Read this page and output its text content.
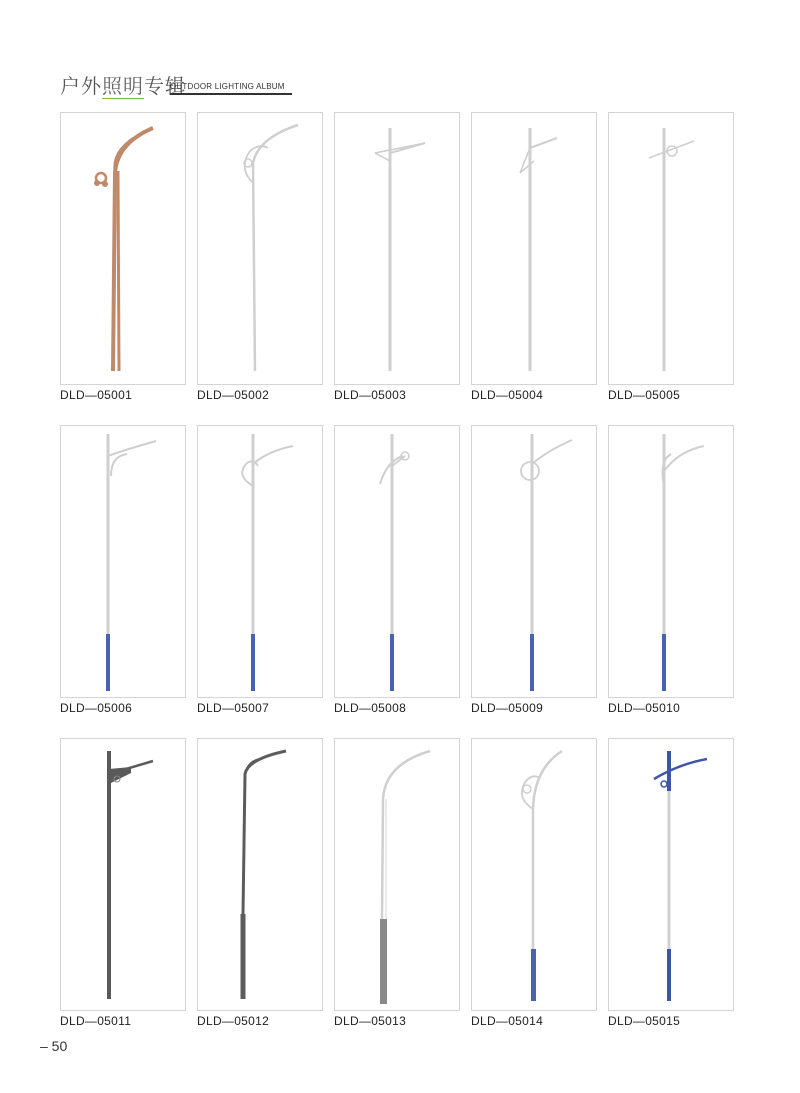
户外照明专辑
OUTDOOR LIGHTING ALBUM
DLD—05001	DLD—05002	DLD—05003	DLD—05004	DLD—05005
DLD—05006	DLD—05007	DLD—05008	DLD—05009	DLD—05010
DLD—05011	DLD—05012	DLD—05013	DLD—05014	DLD—05015
– 50
